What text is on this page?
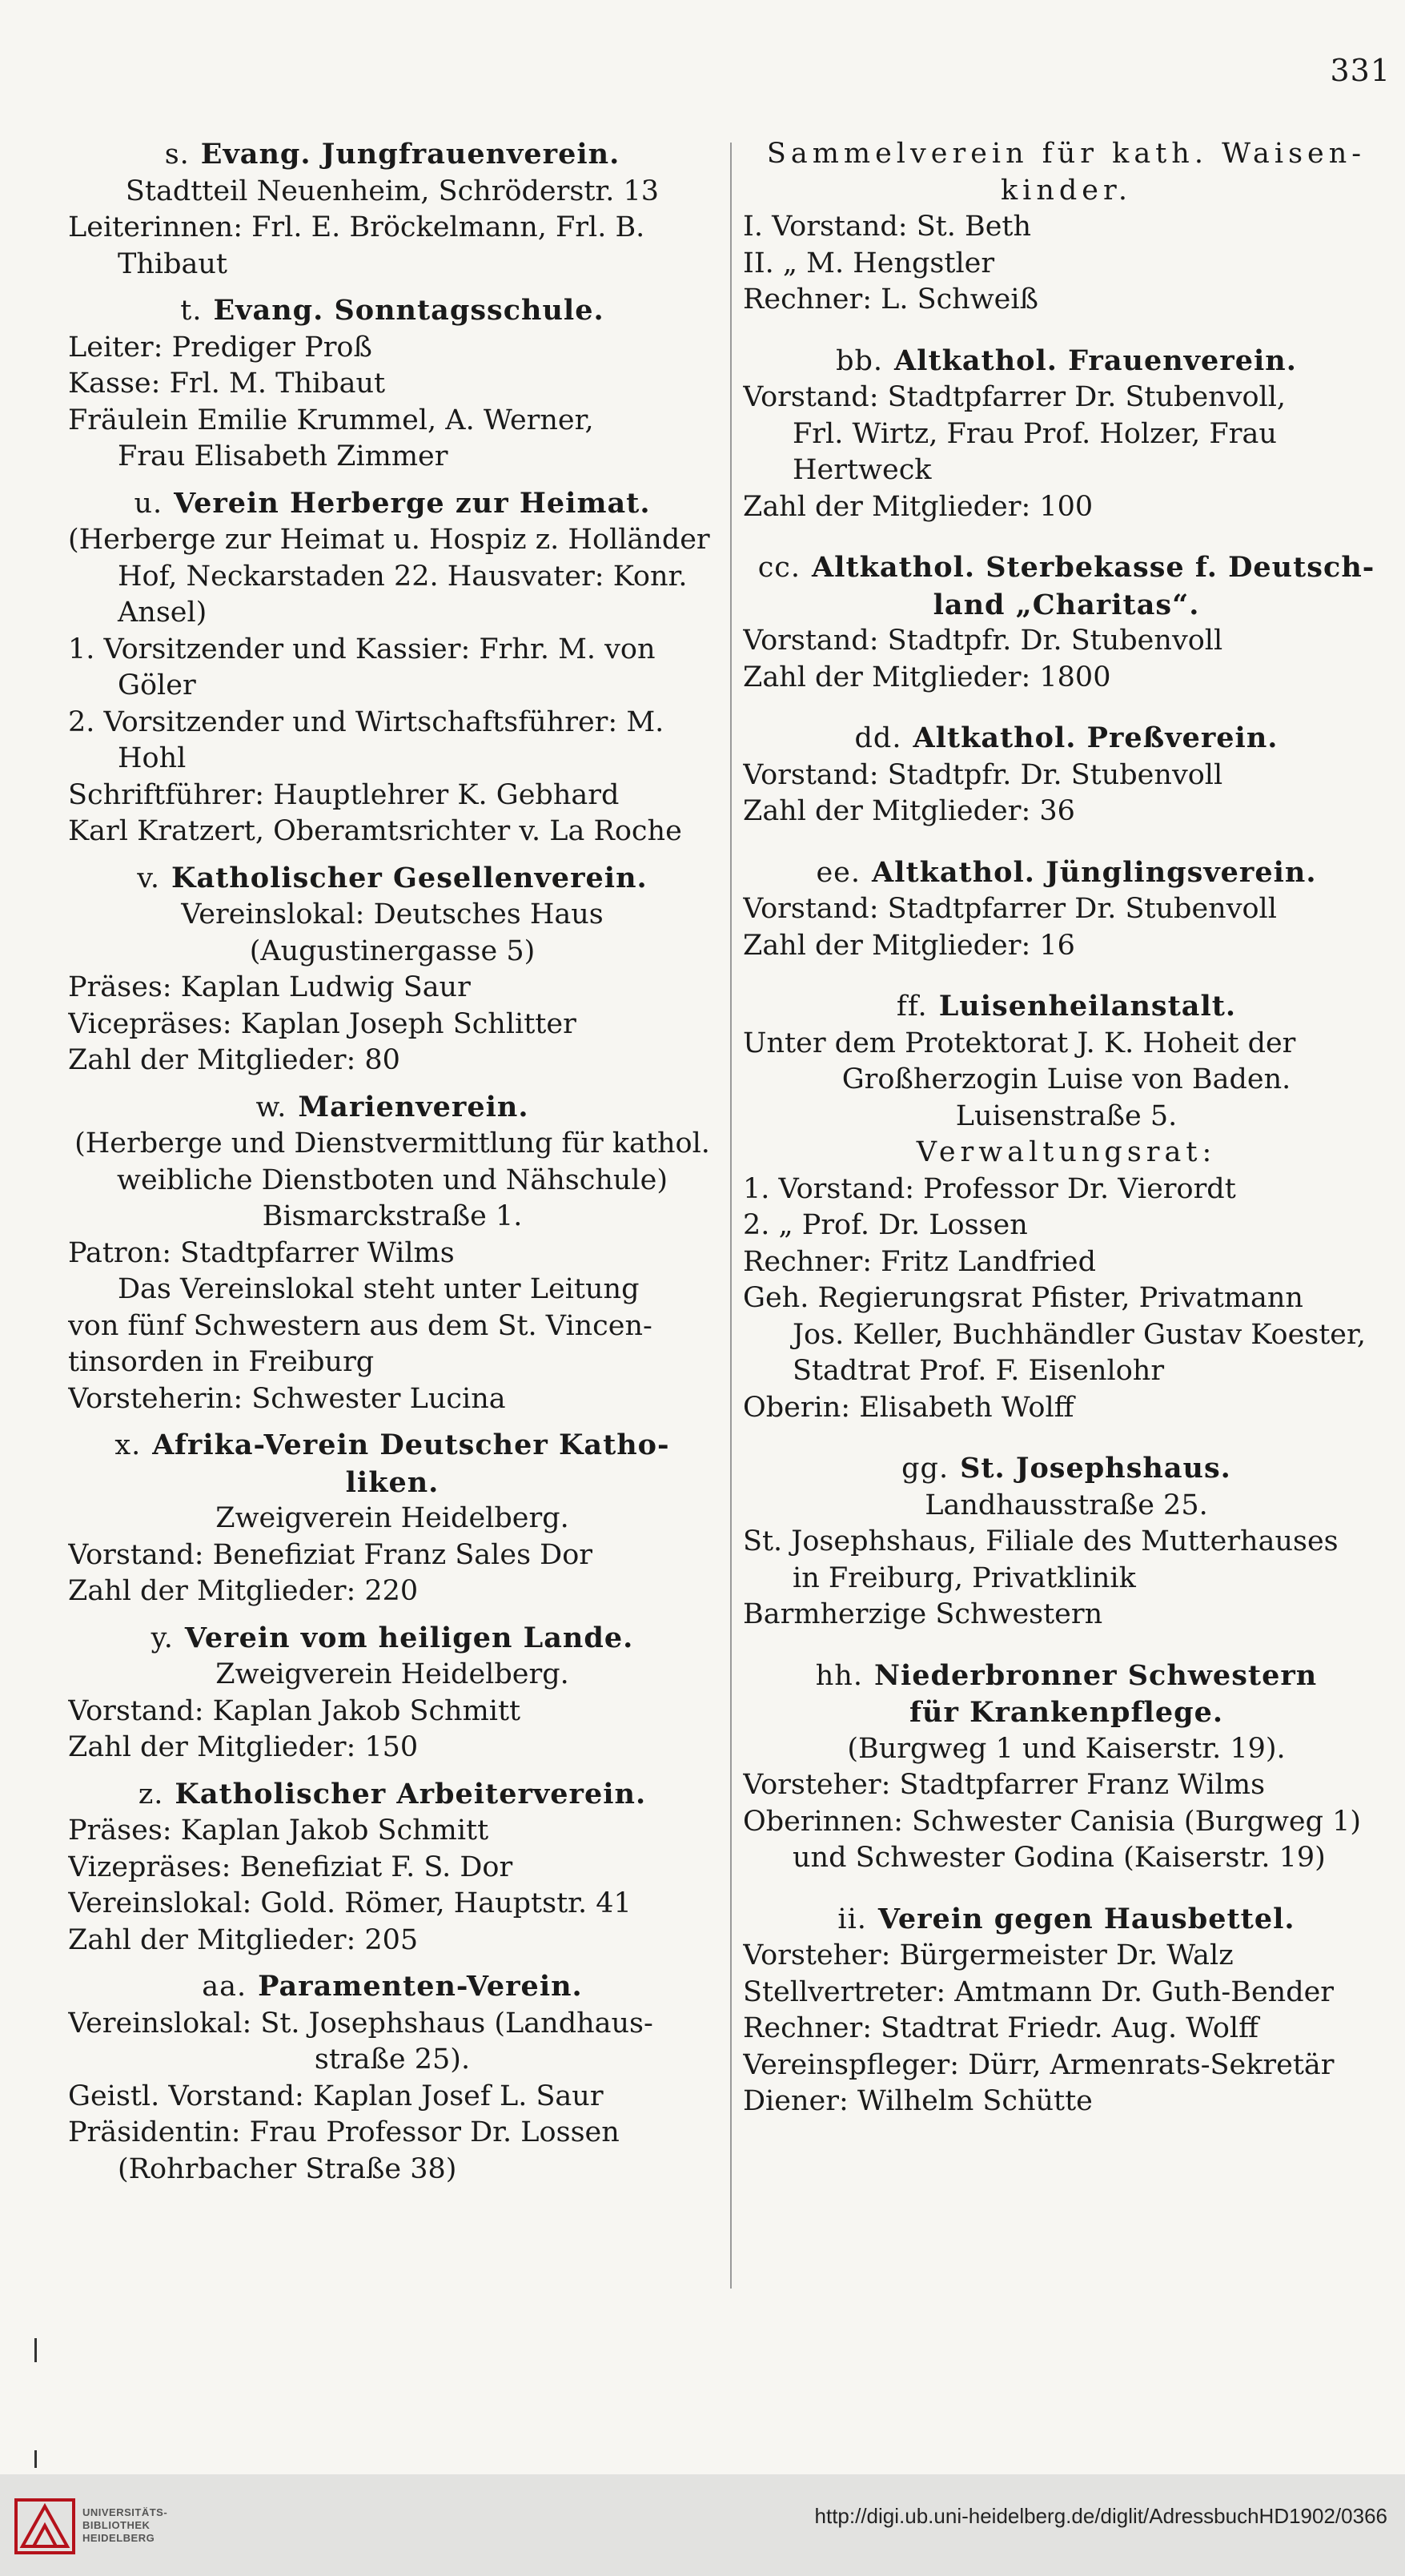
331
s. Evang. Jungfrauenverein.
Stadtteil Neuenheim, Schröderstr. 13
Leiterinnen: Frl. E. Bröckelmann, Frl. B.
Thibaut
t. Evang. Sonntagsschule.
Leiter: Prediger Proß
Kasse: Frl. M. Thibaut
Fräulein Emilie Krummel, A. Werner,
Frau Elisabeth Zimmer
u. Verein Herberge zur Heimat.
(Herberge zur Heimat u. Hospiz z. Holländer
Hof, Neckarstaden 22. Hausvater: Konr.
Ansel)
1. Vorsitzender und Kassier: Frhr. M. von
Göler
2. Vorsitzender und Wirtschaftsführer: M.
Hohl
Schriftführer: Hauptlehrer K. Gebhard
Karl Kratzert, Oberamtsrichter v. La Roche
v. Katholischer Gesellenverein.
Vereinslokal: Deutsches Haus
(Augustinergasse 5)
Präses: Kaplan Ludwig Saur
Vicepräses: Kaplan Joseph Schlitter
Zahl der Mitglieder: 80
w. Marienverein.
(Herberge und Dienstvermittlung für kathol.
weibliche Dienstboten und Nähschule)
Bismarckstraße 1.
Patron: Stadtpfarrer Wilms
Das Vereinslokal steht unter Leitung
von fünf Schwestern aus dem St. Vincen-
tinsorden in Freiburg
Vorsteherin: Schwester Lucina
x. Afrika-Verein Deutscher Katho-
liken.
Zweigverein Heidelberg.
Vorstand: Benefiziat Franz Sales Dor
Zahl der Mitglieder: 220
y. Verein vom heiligen Lande.
Zweigverein Heidelberg.
Vorstand: Kaplan Jakob Schmitt
Zahl der Mitglieder: 150
z. Katholischer Arbeiterverein.
Präses: Kaplan Jakob Schmitt
Vizepräses: Benefiziat F. S. Dor
Vereinslokal: Gold. Römer, Hauptstr. 41
Zahl der Mitglieder: 205
aa. Paramenten-Verein.
Vereinslokal: St. Josephshaus (Landhaus-
straße 25).
Geistl. Vorstand: Kaplan Josef L. Saur
Präsidentin: Frau Professor Dr. Lossen
(Rohrbacher Straße 38)
Sammelverein für kath. Waisen-
kinder.
I. Vorstand: St. Beth
II. „ M. Hengstler
Rechner: L. Schweiß
bb. Altkathol. Frauenverein.
Vorstand: Stadtpfarrer Dr. Stubenvoll,
Frl. Wirtz, Frau Prof. Holzer, Frau
Hertweck
Zahl der Mitglieder: 100
cc. Altkathol. Sterbekasse f. Deutsch-
land „Charitas“.
Vorstand: Stadtpfr. Dr. Stubenvoll
Zahl der Mitglieder: 1800
dd. Altkathol. Preßverein.
Vorstand: Stadtpfr. Dr. Stubenvoll
Zahl der Mitglieder: 36
ee. Altkathol. Jünglingsverein.
Vorstand: Stadtpfarrer Dr. Stubenvoll
Zahl der Mitglieder: 16
ff. Luisenheilanstalt.
Unter dem Protektorat J. K. Hoheit der
Großherzogin Luise von Baden.
Luisenstraße 5.
Verwaltungsrat:
1. Vorstand: Professor Dr. Vierordt
2. „ Prof. Dr. Lossen
Rechner: Fritz Landfried
Geh. Regierungsrat Pfister, Privatmann
Jos. Keller, Buchhändler Gustav Koester,
Stadtrat Prof. F. Eisenlohr
Oberin: Elisabeth Wolff
gg. St. Josephshaus.
Landhausstraße 25.
St. Josephshaus, Filiale des Mutterhauses
in Freiburg, Privatklinik
Barmherzige Schwestern
hh. Niederbronner Schwestern
für Krankenpflege.
(Burgweg 1 und Kaiserstr. 19).
Vorsteher: Stadtpfarrer Franz Wilms
Oberinnen: Schwester Canisia (Burgweg 1)
und Schwester Godina (Kaiserstr. 19)
ii. Verein gegen Hausbettel.
Vorsteher: Bürgermeister Dr. Walz
Stellvertreter: Amtmann Dr. Guth-Bender
Rechner: Stadtrat Friedr. Aug. Wolff
Vereinspfleger: Dürr, Armenrats-Sekretär
Diener: Wilhelm Schütte
UNIVERSITÄTS-
BIBLIOTHEK
HEIDELBERG
http://digi.ub.uni-heidelberg.de/diglit/AdressbuchHD1902/0366
